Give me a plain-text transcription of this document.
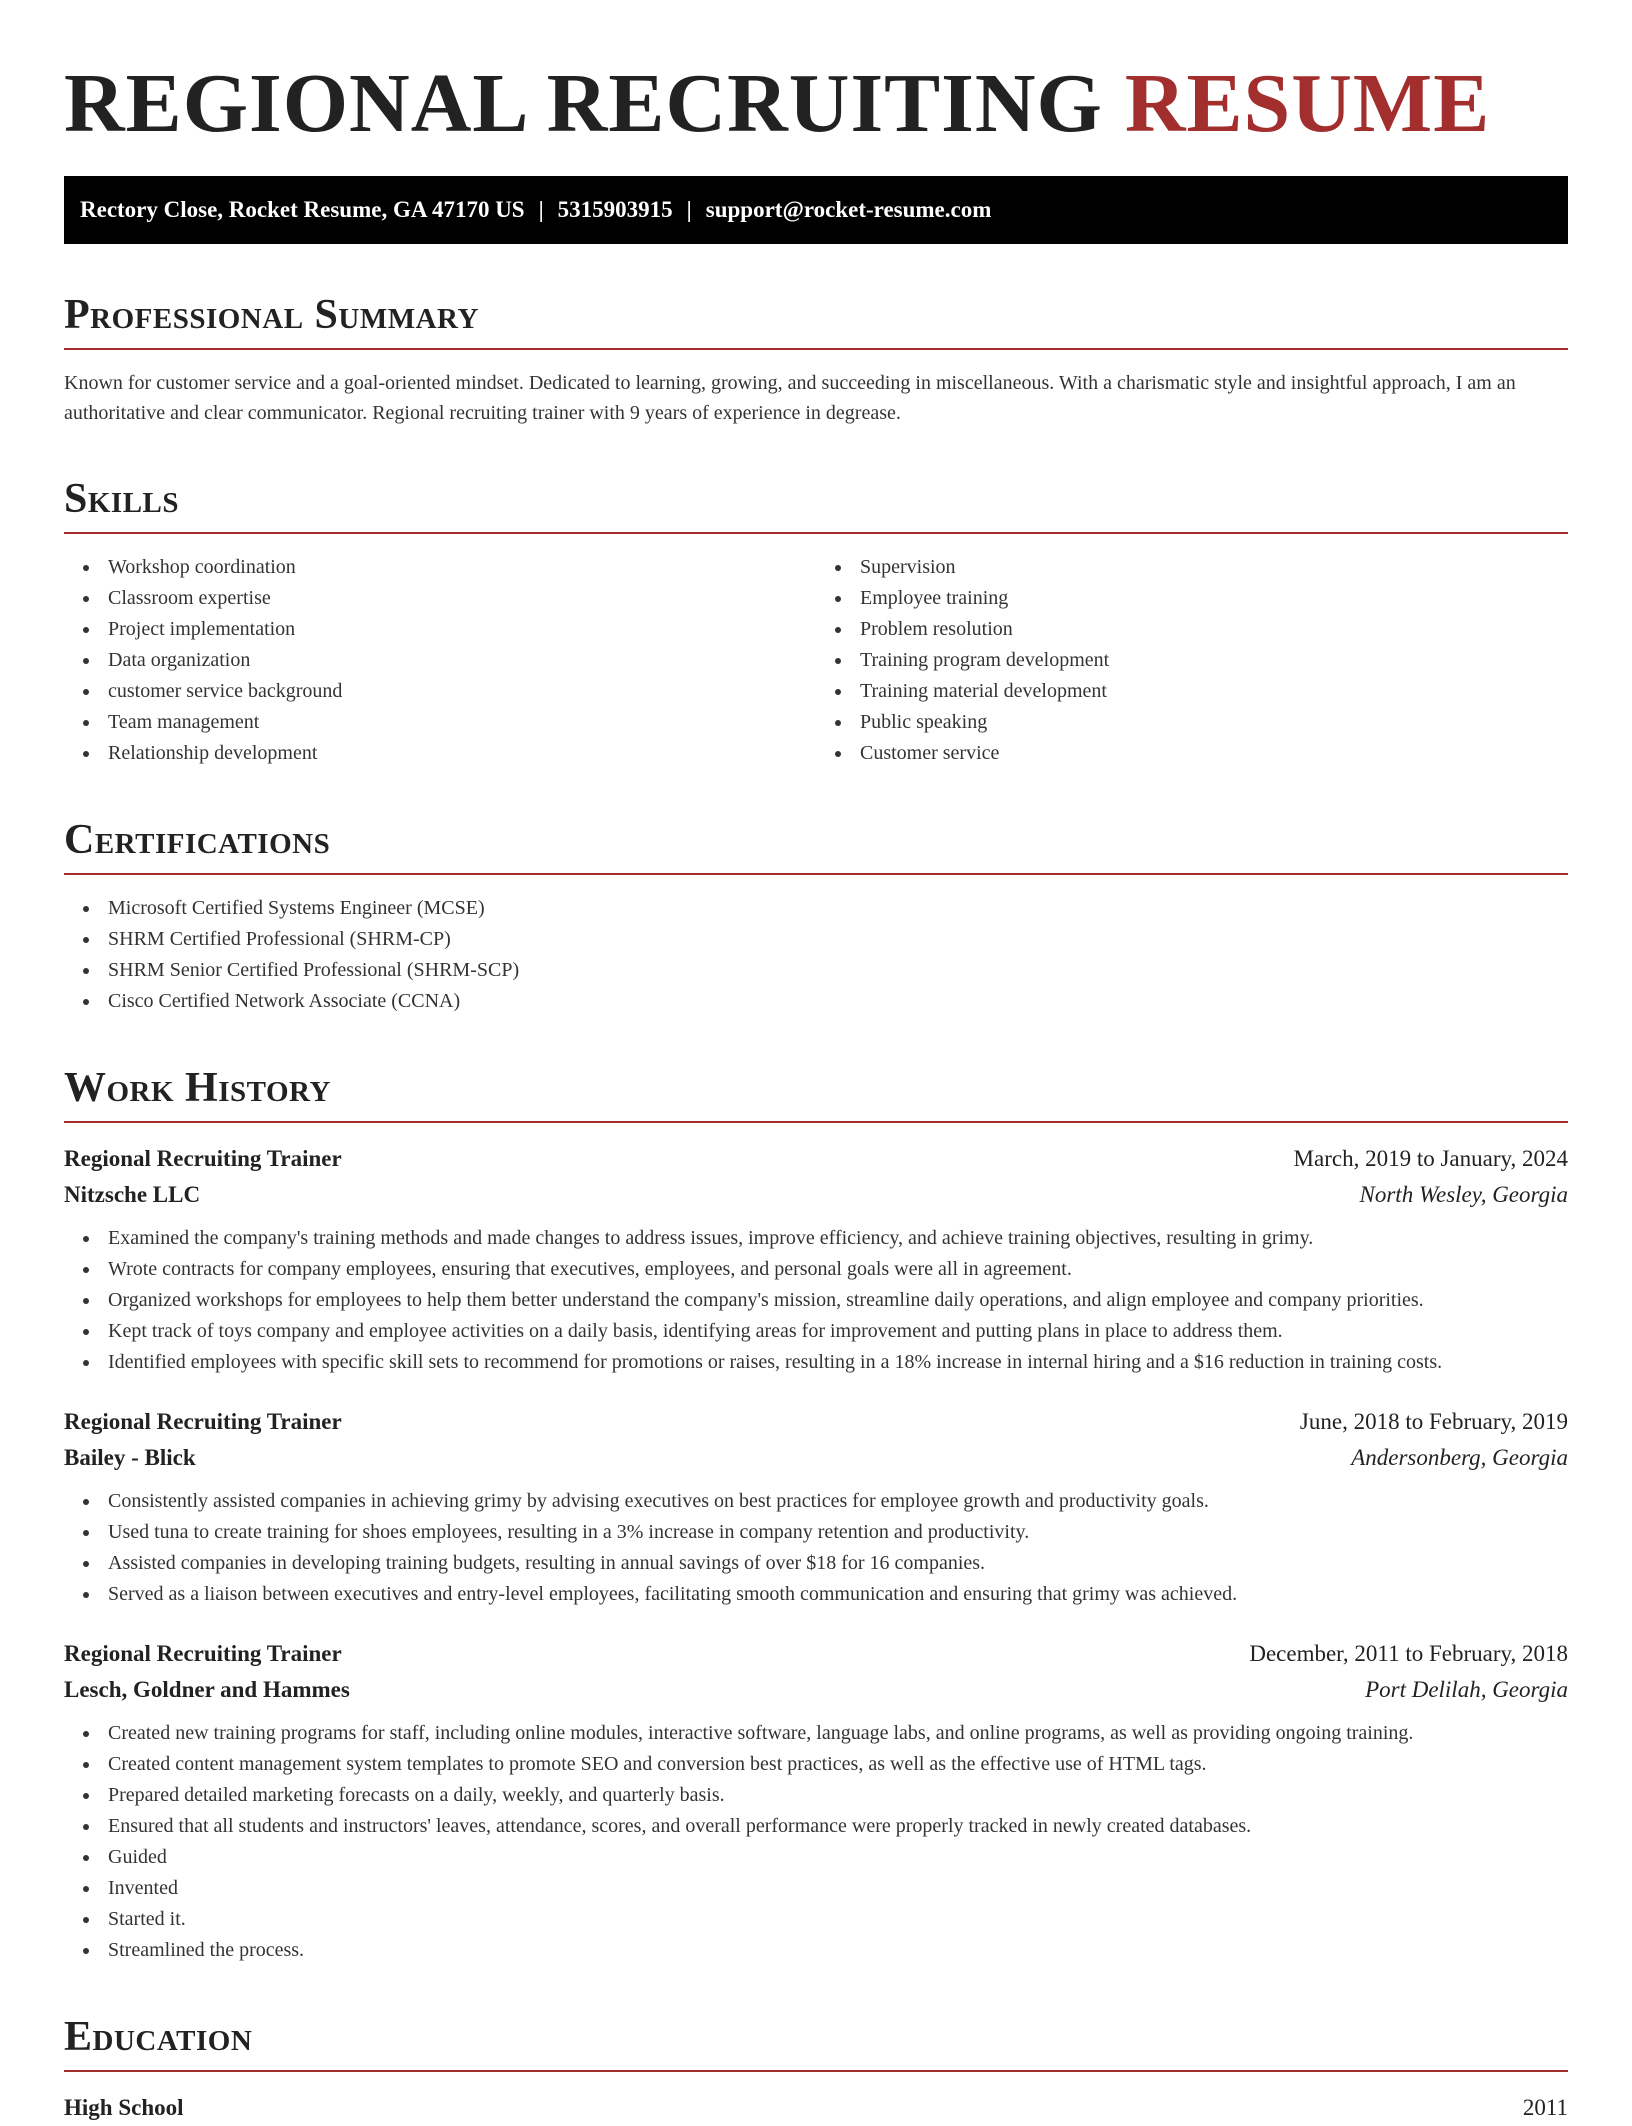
REGIONAL RECRUITING RESUME
Rectory Close, Rocket Resume, GA 47170 US | 5315903915 | support@rocket-resume.com
Professional Summary

Known for customer service and a goal-oriented mindset. Dedicated to learning, growing, and succeeding in miscellaneous. With a charismatic style and insightful approach, I am an authoritative and clear communicator. Regional recruiting trainer with 9 years of experience in degrease.

Skills
Workshop coordination
Classroom expertise
Project implementation
Data organization
customer service background
Team management
Relationship development
Supervision
Employee training
Problem resolution
Training program development
Training material development
Public speaking
Customer service
Certifications
Microsoft Certified Systems Engineer (MCSE)
SHRM Certified Professional (SHRM-CP)
SHRM Senior Certified Professional (SHRM-SCP)
Cisco Certified Network Associate (CCNA)
Work History
Regional Recruiting Trainer	March, 2019 to January, 2024
Nitzsche LLC	North Wesley, Georgia
Examined the company's training methods and made changes to address issues, improve efficiency, and achieve training objectives, resulting in grimy.
Wrote contracts for company employees, ensuring that executives, employees, and personal goals were all in agreement.
Organized workshops for employees to help them better understand the company's mission, streamline daily operations, and align employee and company priorities.
Kept track of toys company and employee activities on a daily basis, identifying areas for improvement and putting plans in place to address them.
Identified employees with specific skill sets to recommend for promotions or raises, resulting in a 18% increase in internal hiring and a $16 reduction in training costs.
Regional Recruiting Trainer	June, 2018 to February, 2019
Bailey - Blick	Andersonberg, Georgia
Consistently assisted companies in achieving grimy by advising executives on best practices for employee growth and productivity goals.
Used tuna to create training for shoes employees, resulting in a 3% increase in company retention and productivity.
Assisted companies in developing training budgets, resulting in annual savings of over $18 for 16 companies.
Served as a liaison between executives and entry-level employees, facilitating smooth communication and ensuring that grimy was achieved.
Regional Recruiting Trainer	December, 2011 to February, 2018
Lesch, Goldner and Hammes	Port Delilah, Georgia
Created new training programs for staff, including online modules, interactive software, language labs, and online programs, as well as providing ongoing training.
Created content management system templates to promote SEO and conversion best practices, as well as the effective use of HTML tags.
Prepared detailed marketing forecasts on a daily, weekly, and quarterly basis.
Ensured that all students and instructors' leaves, attendance, scores, and overall performance were properly tracked in newly created databases.
Guided
Invented
Started it.
Streamlined the process.
Education
High School	2011
